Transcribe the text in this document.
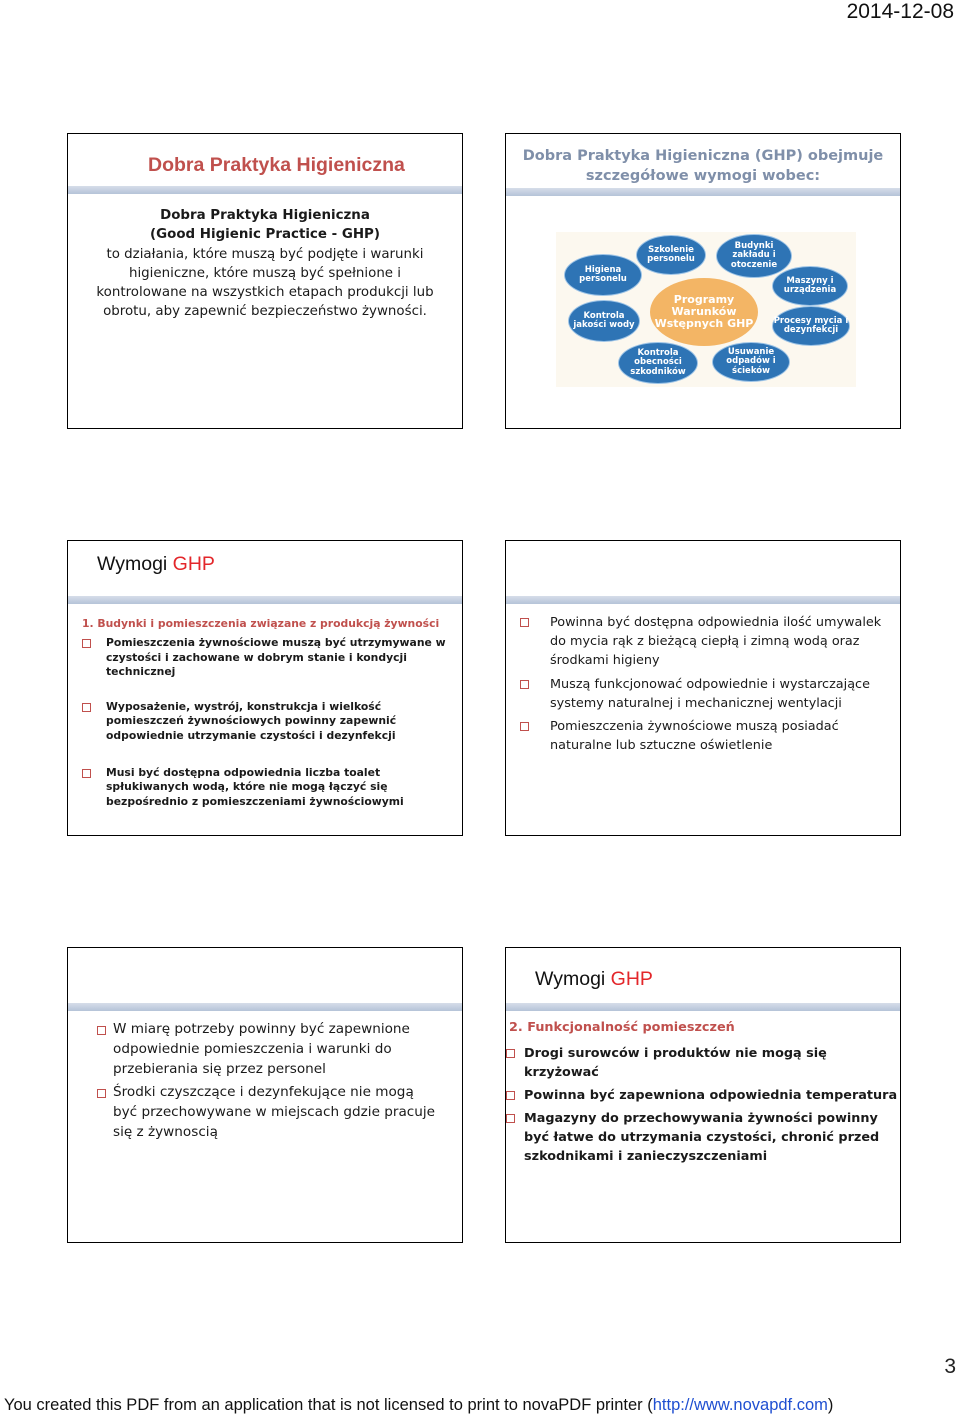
2014-12-08
Dobra Praktyka Higieniczna
Dobra Praktyka Higieniczna
(Good Higienic Practice - GHP)
to działania, które muszą być podjęte i warunki
higieniczne, które muszą być spełnione i
kontrolowane na wszystkich etapach produkcji lub
obrotu, aby zapewnić bezpieczeństwo żywności.
Dobra Praktyka Higieniczna (GHP) obejmuje
szczegółowe wymogi wobec:
Programy Warunków Wstępnych GHP
Higiena personelu
Szkolenie personelu
Budynki zakładu i otoczenie
Maszyny i urządzenia
Procesy mycia i dezynfekcji
Usuwanie odpadów i ścieków
Kontrola obecności szkodników
Kontrola jakości wody
Wymogi GHP
1. Budynki i pomieszczenia związane z produkcją żywności
Pomieszczenia żywnościowe muszą być utrzymywane w czystości i zachowane w dobrym stanie i kondycji technicznej
Wyposażenie, wystrój, konstrukcja i wielkość pomieszczeń żywnościowych powinny zapewnić odpowiednie utrzymanie czystości i dezynfekcji
Musi być dostępna odpowiednia liczba toalet spłukiwanych wodą, które nie mogą łączyć się bezpośrednio z pomieszczeniami żywnościowymi
Powinna być dostępna odpowiednia ilość umywalek do mycia rąk z bieżącą ciepłą i zimną wodą oraz środkami higieny
Muszą funkcjonować odpowiednie i wystarczające systemy naturalnej i mechanicznej wentylacji
Pomieszczenia żywnościowe muszą posiadać naturalne lub sztuczne oświetlenie
W miarę potrzeby powinny być zapewnione odpowiednie pomieszczenia i warunki do przebierania się przez personel
Środki czyszczące i dezynfekujące nie mogą być przechowywane w miejscach gdzie pracuje się z żywnoscią
Wymogi GHP
2. Funkcjonalność pomieszczeń
Drogi surowców i produktów nie mogą się krzyżować
Powinna być zapewniona odpowiednia temperatura
Magazyny do przechowywania żywności powinny być łatwe do utrzymania czystości, chronić przed szkodnikami i zanieczyszczeniami
3
You created this PDF from an application that is not licensed to print to novaPDF printer (http://www.novapdf.com)
